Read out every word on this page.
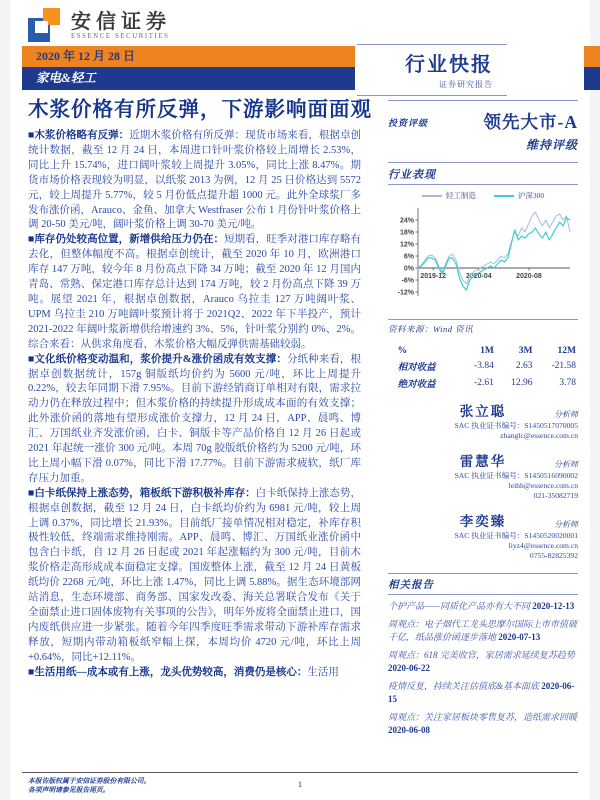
安信证券
ESSENCE SECURITIES
2020 年 12 月 28 日
家电&轻工
行业快报
证券研究报告
木浆价格有所反弹，下游影响面面观

■木浆价格略有反弹：近期木浆价格有所反弹：现货市场来看，根据卓创统计数据，截至 12 月 24 日，本周进口针叶浆价格较上周增长 2.53%，同比上升 15.74%，进口阔叶浆较上周提升 3.05%，同比上涨 8.47%。期货市场价格表现较为明显，以纸浆 2013 为例，12 月 25 日价格达到 5572 元，较上周提升 5.77%，较 5 月份低点提升超 1000 元。此外全球浆厂多发布涨价函，Arauco、金鱼、加拿大 Westfraser 公布 1 月份针叶浆价格上调 20-50 美元/吨，阔叶浆价格上调 30-70 美元/吨。

■库存仍处较高位置，新增供给压力仍在：短期看，旺季对港口库存略有去化，但整体幅度不高。根据卓创统计，截至 2020 年 10 月，欧洲港口库存 147 万吨，较今年 8 月份高点下降 34 万吨；截至 2020 年 12 月国内青岛、常熟、保定港口库存总计达到 174 万吨，较 2 月份高点下降 39 万吨。展望 2021 年，根据卓创数据，Arauco 乌拉圭 127 万吨阔叶浆、UPM 乌拉圭 210 万吨阔叶浆预计将于 2021Q2、2022 年下半投产，预计 2021-2022 年阔叶浆新增供给增速约 3%、5%，针叶浆分别约 0%、2%。综合来看：从供求角度看，木浆价格大幅反弹供需基础较弱。

■文化纸价格变动温和，浆价提升&涨价函成有效支撑：分纸种来看，根据卓创数据统计，157g 铜版纸均价约为 5600 元/吨，环比上周提升 0.22%，较去年同期下滑 7.95%。目前下游经销商订单相对有限，需求拉动力仍在释放过程中；但木浆价格的持续提升形成成本面的有效支撑；此外涨价函的落地有望形成涨价支撑力，12 月 24 日，APP、晨鸣、博汇、万国纸业齐发涨价函，白卡、铜版卡等产品价格自 12 月 26 日起或 2021 年起统一涨价 300 元/吨。本周 70g 胶版纸价格约为 5200 元/吨，环比上周小幅下滑 0.07%，同比下滑 17.77%。目前下游需求疲软，纸厂库存压力加重。

■白卡纸保持上涨态势，箱板纸下游积极补库存：白卡纸保持上涨态势，根据卓创数据，截至 12 月 24 日，白卡纸均价约为 6981 元/吨，较上周上调 0.37%，同比增长 21.93%。目前纸厂接单情况相对稳定，补库存积极性较低，终端需求维持刚需。APP、晨鸣、博汇、万国纸业涨价函中包含白卡纸，自 12 月 26 日起或 2021 年起涨幅约为 300 元/吨，目前木浆价格走高形成成本面稳定支撑。国废整体上涨，截至 12 月 24 日黄板纸均价 2268 元/吨，环比上涨 1.47%，同比上调 5.88%。据生态环境部网站消息，生态环境部、商务部、国家发改委、海关总署联合发布《关于全面禁止进口固体废物有关事项的公告》，明年外废将全面禁止进口，国内废纸供应进一步紧张。随着今年四季度旺季需求带动下游补库存需求释放，短期内带动箱板纸窄幅上探，本周均价 4720 元/吨，环比上周+0.64%，同比+12.11%。

■生活用纸—成本或有上涨，龙头优势较高，消费仍是核心：生活用

投资评级	领先大市-A
维持评级
行业表现
轻工制造	沪深300
24%
18%
12%
6%
0%
-6%
-12%
2019-12	2020-04	2020-08
资料来源：Wind 资讯
%	1M	3M	12M
相对收益	-3.84	2.63	-21.58
绝对收益	-2.61	12.96	3.78
张立聪	分析师
SAC 执业证书编号：S1450517070005
zhanglc@essence.com.cn
雷慧华	分析师
SAC 执业证书编号：S1450516090002
leihh@essence.com.cn
021-35082719
李奕臻	分析师
SAC 执业证书编号：S1450520020001
liyz4@essence.com.cn
0755-82825392
相关报告
个护产品——同质化产品亦有大不同 2020-12-13
周观点：电子烟代工龙头思摩尔国际上市市值破千亿，纸品涨价函逐步落地 2020-07-13
周观点：618 完美收官，家居需求延续复苏趋势 2020-06-22
疫情反复，持续关注估值底&基本面底 2020-06-15
周观点：关注家居板块零售复苏，造纸需求回暖 2020-06-08
本报告版权属于安信证券股份有限公司。
各项声明请参见报告尾页。
1
